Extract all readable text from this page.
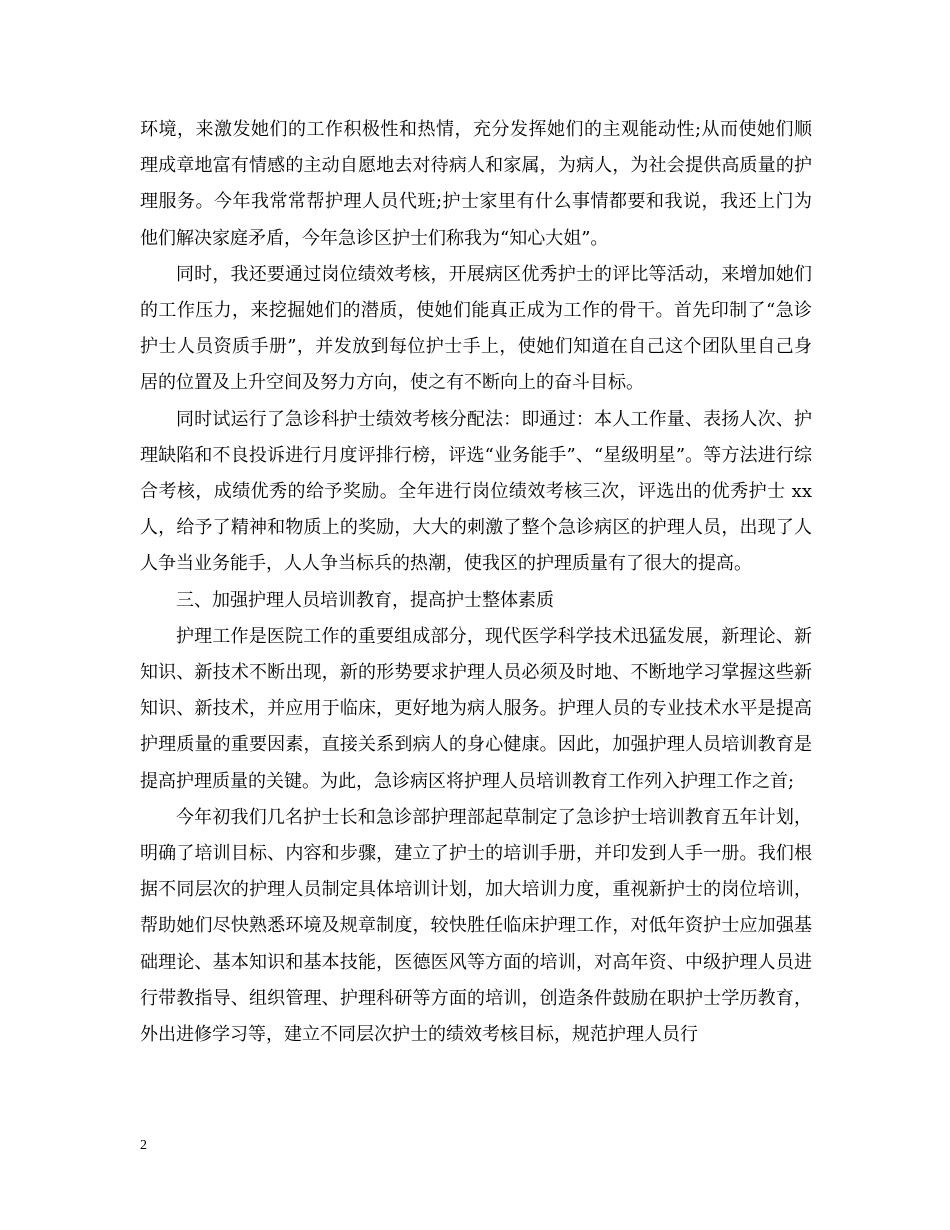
环境，来激发她们的工作积极性和热情，充分发挥她们的主观能动性;从而使她们顺理成章地富有情感的主动自愿地去对待病人和家属，为病人，为社会提供高质量的护理服务。今年我常常帮护理人员代班;护士家里有什么事情都要和我说，我还上门为他们解决家庭矛盾，今年急诊区护士们称我为“知心大姐”。

同时，我还要通过岗位绩效考核，开展病区优秀护士的评比等活动，来增加她们的工作压力，来挖掘她们的潜质，使她们能真正成为工作的骨干。首先印制了“急诊护士人员资质手册”，并发放到每位护士手上，使她们知道在自己这个团队里自己身居的位置及上升空间及努力方向，使之有不断向上的奋斗目标。

同时试运行了急诊科护士绩效考核分配法：即通过：本人工作量、表扬人次、护理缺陷和不良投诉进行月度评排行榜，评选“业务能手”、“星级明星”。等方法进行综合考核，成绩优秀的给予奖励。全年进行岗位绩效考核三次，评选出的优秀护士 xx 人，给予了精神和物质上的奖励，大大的刺激了整个急诊病区的护理人员，出现了人人争当业务能手，人人争当标兵的热潮，使我区的护理质量有了很大的提高。

三、加强护理人员培训教育，提高护士整体素质

护理工作是医院工作的重要组成部分，现代医学科学技术迅猛发展，新理论、新知识、新技术不断出现，新的形势要求护理人员必须及时地、不断地学习掌握这些新知识、新技术，并应用于临床，更好地为病人服务。护理人员的专业技术水平是提高护理质量的重要因素，直接关系到病人的身心健康。因此，加强护理人员培训教育是提高护理质量的关键。为此，急诊病区将护理人员培训教育工作列入护理工作之首;

今年初我们几名护士长和急诊部护理部起草制定了急诊护士培训教育五年计划，明确了培训目标、内容和步骤，建立了护士的培训手册，并印发到人手一册。我们根据不同层次的护理人员制定具体培训计划，加大培训力度，重视新护士的岗位培训，帮助她们尽快熟悉环境及规章制度，较快胜任临床护理工作，对低年资护士应加强基础理论、基本知识和基本技能，医德医风等方面的培训，对高年资、中级护理人员进行带教指导、组织管理、护理科研等方面的培训，创造条件鼓励在职护士学历教育，外出进修学习等，建立不同层次护士的绩效考核目标，规范护理人员行

2
